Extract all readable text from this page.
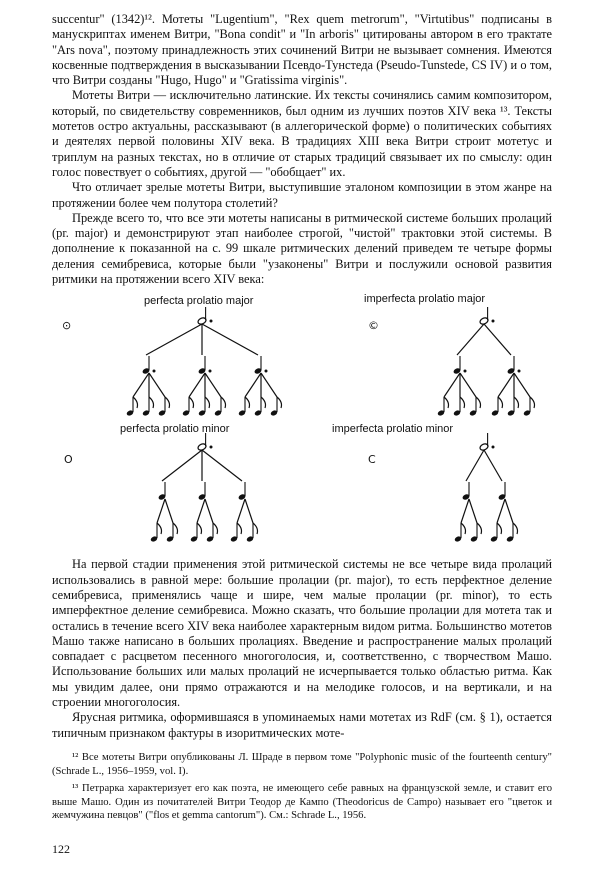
succentur" (1342)¹². Мотеты "Lugentium", "Rex quem metrorum", "Virtutibus" подписаны в манускриптах именем Витри, "Bona condit" и "In arboris" цитированы автором в его трактате "Ars nova", поэтому принадлежность этих сочинений Витри не вызывает сомнения. Имеются косвенные подтверждения в высказывании Псевдо-Тунстеда (Pseudo-Tunstede, CS IV) и о том, что Витри созданы "Hugo, Hugo" и "Gratissima virginis".

Мотеты Витри — исключительно латинские. Их тексты сочинялись самим композитором, который, по свидетельству современников, был одним из лучших поэтов XIV века ¹³. Тексты мотетов остро актуальны, рассказывают (в аллегорической форме) о политических событиях и деятелях первой половины XIV века. В традициях XIII века Витри строит мотетус и триплум на разных текстах, но в отличие от старых традиций связывает их по смыслу: один голос повествует о событиях, другой — "обобщает" их.

Что отличает зрелые мотеты Витри, выступившие эталоном композиции в этом жанре на протяжении более чем полутора столетий?

Прежде всего то, что все эти мотеты написаны в ритмической системе больших пролаций (pr. major) и демонстрируют этап наиболее строгой, "чистой" трактовки этой системы. В дополнение к показанной на с. 99 шкале ритмических делений приведем те четыре формы деления семибревиса, которые были "узаконены" Витри и послужили основой развития ритмики на протяжении всего XIV века:

perfecta prolatio major	imperfecta prolatio major
perfecta prolatio minor	imperfecta prolatio minor
⊙	©
O	C

На первой стадии применения этой ритмической системы не все четыре вида пролаций использовались в равной мере: большие пролации (pr. major), то есть перфектное деление семибревиса, применялись чаще и шире, чем малые пролации (pr. minor), то есть имперфектное деление семибревиса. Можно сказать, что большие пролации для мотета так и остались в течение всего XIV века наиболее характерным видом ритма. Большинство мотетов Машо также написано в больших пролациях. Введение и распространение малых пролаций совпадает с расцветом песенного многоголосия, и, соответственно, с творчеством Машо. Использование больших или малых пролаций не исчерпывается только областью ритма. Как мы увидим далее, они прямо отражаются и на мелодике голосов, и на вертикали, и на строении многоголосия.

Ярусная ритмика, оформившаяся в упоминаемых нами мотетах из RdF (см. § 1), остается типичным признаком фактуры в изоритмических моте-

¹² Все мотеты Витри опубликованы Л. Шраде в первом томе "Polyphonic music of the fourteenth century" (Schrade L., 1956–1959, vol. I).

¹³ Петрарка характеризует его как поэта, не имеющего себе равных на французской земле, и ставит его выше Машо. Один из почитателей Витри Теодор де Кампо (Theodoricus de Campo) называет его "цветок и жемчужина певцов" ("flos et gemma cantorum"). См.: Schrade L., 1956.

122
